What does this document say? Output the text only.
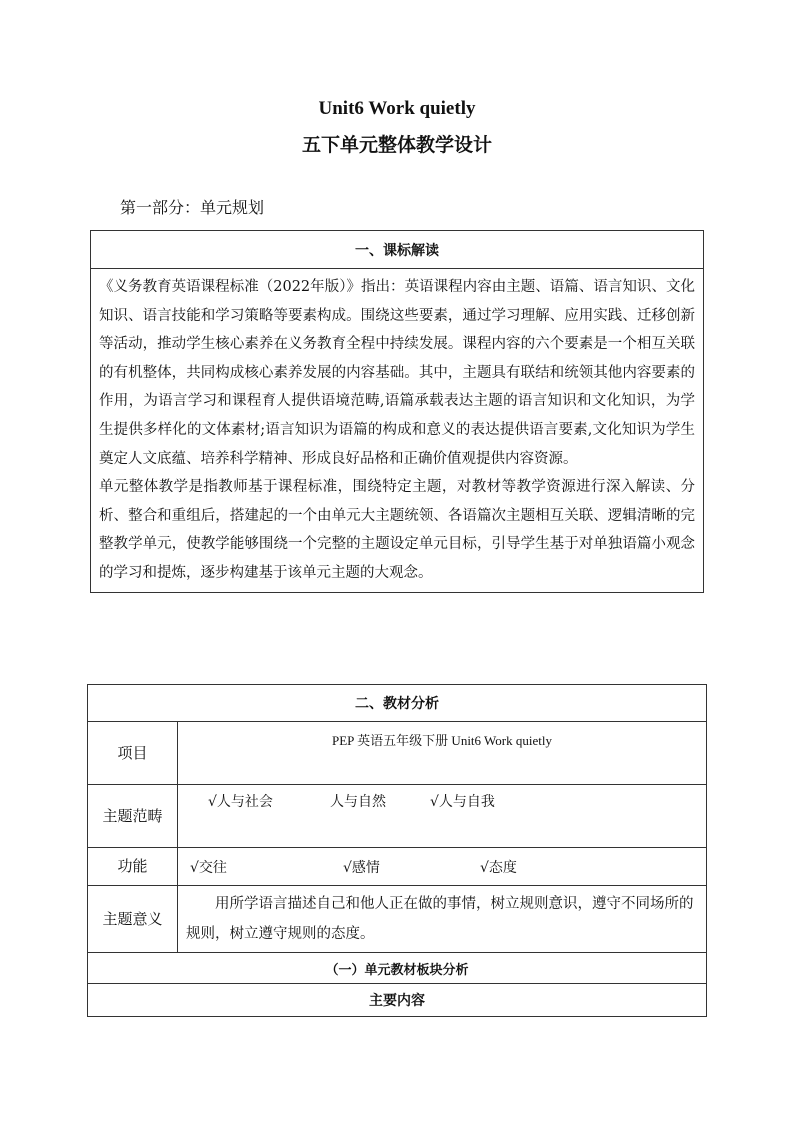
Unit6 Work quietly
五下单元整体教学设计
第一部分：单元规划
一、课标解读

《义务教育英语课程标准（2022年版）》指出：英语课程内容由主题、语篇、语言知识、文化知识、语言技能和学习策略等要素构成。围绕这些要素，通过学习理解、应用实践、迁移创新等活动，推动学生核心素养在义务教育全程中持续发展。课程内容的六个要素是一个相互关联的有机整体，共同构成核心素养发展的内容基础。其中，主题具有联结和统领其他内容要素的作用，为语言学习和课程育人提供语境范畴,语篇承载表达主题的语言知识和文化知识，为学生提供多样化的文体素材;语言知识为语篇的构成和意义的表达提供语言要素,文化知识为学生奠定人文底蕴、培养科学精神、形成良好品格和正确价值观提供内容资源。

单元整体教学是指教师基于课程标准，围绕特定主题，对教材等教学资源进行深入解读、分析、整合和重组后，搭建起的一个由单元大主题统领、各语篇次主题相互关联、逻辑清晰的完整教学单元，使教学能够围绕一个完整的主题设定单元目标，引导学生基于对单独语篇小观念的学习和提炼，逐步构建基于该单元主题的大观念。

二、教材分析	
项目	PEP 英语五年级下册 Unit6 Work quietly
主题范畴	√人与社会 人与自然 √人与自我
功能	√交往 √感情 √态度
主题意义	用所学语言描述自己和他人正在做的事情，树立规则意识，遵守不同场所的规则，树立遵守规则的态度。
（一）单元教材板块分析	
主要内容	
